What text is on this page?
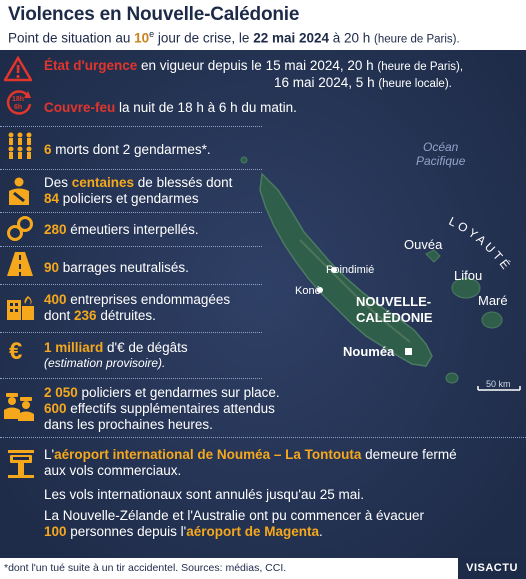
LOYAUTÉ
Océan
Pacifique
Ouvéa
Lifou
Maré
Poindimié
Koné
NOUVELLE-
CALÉDONIE
Nouméa
50 km
Violences en Nouvelle-Calédonie
Point de situation au 10e jour de crise, le 22 mai 2024 à 20 h (heure de Paris).
État d'urgence en vigueur depuis le 15 mai 2024, 20 h (heure de Paris),
16 mai 2024, 5 h (heure locale).
18h
6h Couvre-feu la nuit de 18 h à 6 h du matin.
6 morts dont 2 gendarmes*.
Des centaines de blessés dont
84 policiers et gendarmes
280 émeutiers interpellés.
90 barrages neutralisés.
400 entreprises endommagées
dont 236 détruites.
€ 1 milliard d'€ de dégâts
(estimation provisoire).
2 050 policiers et gendarmes sur place.
600 effectifs supplémentaires attendus
dans les prochaines heures.
L'aéroport international de Nouméa – La Tontouta demeure fermé
aux vols commerciaux.
Les vols internationaux sont annulés jusqu'au 25 mai.
La Nouvelle-Zélande et l'Australie ont pu commencer à évacuer
100 personnes depuis l'aéroport de Magenta.
*dont l'un tué suite à un tir accidentel. Sources: médias, CCI.	VISACTU
